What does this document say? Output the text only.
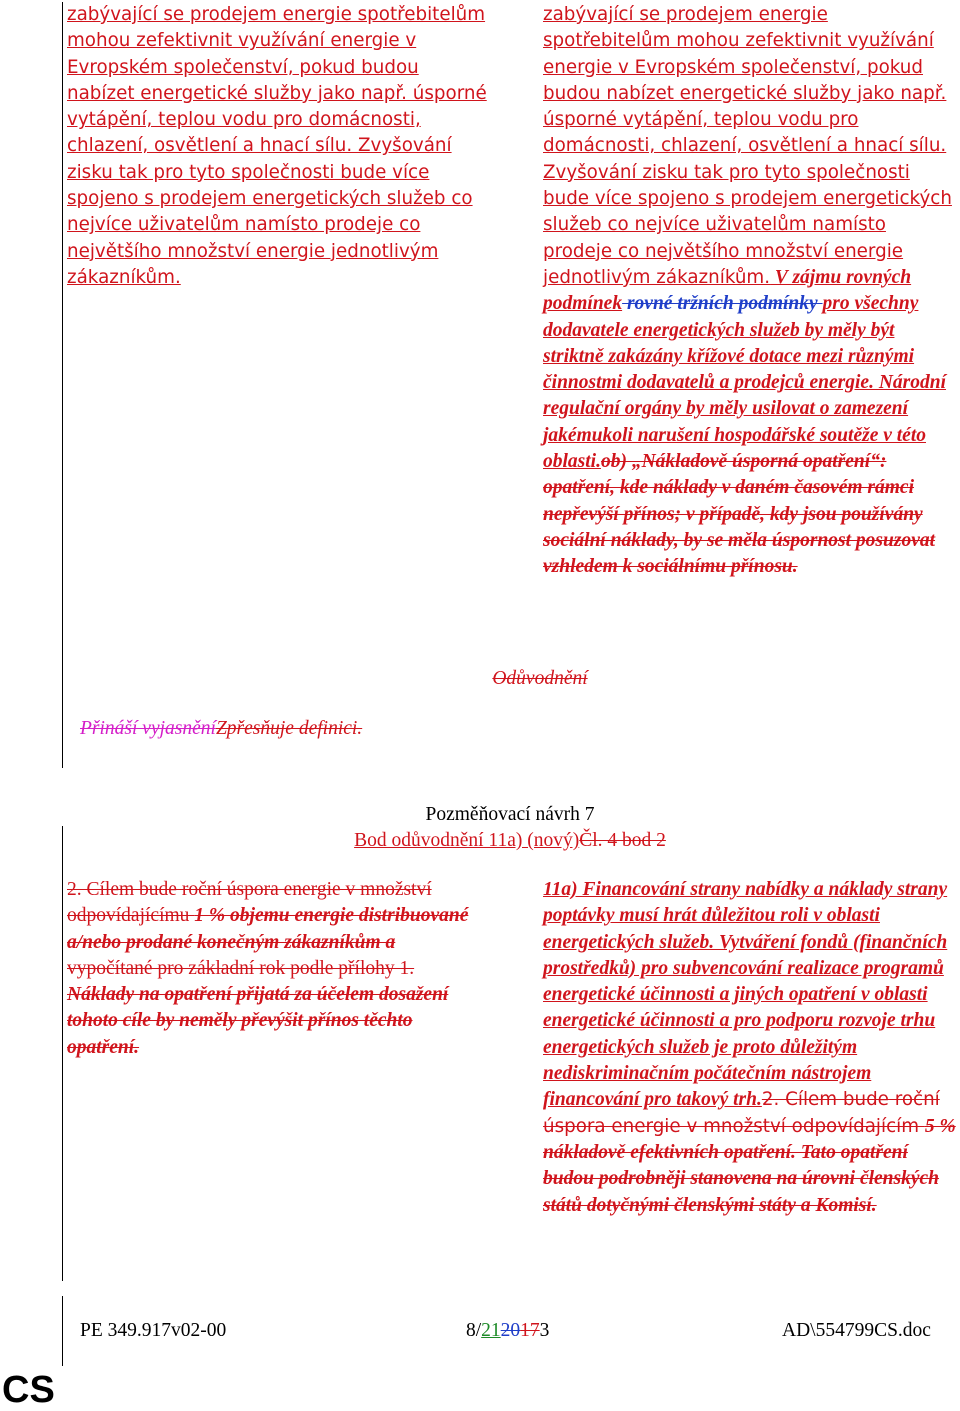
zabývající se prodejem energie spotřebitelům mohou zefektivnit využívání energie v Evropském společenství, pokud budou nabízet energetické služby jako např. úsporné vytápění, teplou vodu pro domácnosti, chlazení, osvětlení a hnací sílu. Zvyšování zisku tak pro tyto společnosti bude více spojeno s prodejem energetických služeb co nejvíce uživatelům namísto prodeje co největšího množství energie jednotlivým zákazníkům.

zabývající se prodejem energie spotřebitelům mohou zefektivnit využívání energie v Evropském společenství, pokud budou nabízet energetické služby jako např. úsporné vytápění, teplou vodu pro domácnosti, chlazení, osvětlení a hnací sílu. Zvyšování zisku tak pro tyto společnosti bude více spojeno s prodejem energetických služeb co nejvíce uživatelům namísto prodeje co největšího množství energie jednotlivým zákazníkům. V zájmu rovných podmínek rovné tržních podmínky pro všechny dodavatele energetických služeb by měly být striktně zakázány křížové dotace mezi různými činnostmi dodavatelů a prodejců energie. Národní regulační orgány by měly usilovat o zamezení jakémukoli narušení hospodářské soutěže v této oblasti.ob) „Nákladově úsporná opatření“: opatření, kde náklady v daném časovém rámci nepřevýší přínos; v případě, kdy jsou používány sociální náklady, by se měla úspornost posuzovat vzhledem k sociálnímu přínosu.

Odůvodnění

Přináší vyjasněníZpřesňuje definici.

Pozměňovací návrh 7
Bod odůvodnění 11a) (nový)Čl. 4 bod 2

2. Cílem bude roční úspora energie v množství odpovídajícímu 1 % objemu energie distribuované a/nebo prodané konečným zákazníkům a vypočítané pro základní rok podle přílohy 1. Náklady na opatření přijatá za účelem dosažení tohoto cíle by neměly převýšit přínos těchto opatření.

11a) Financování strany nabídky a náklady strany poptávky musí hrát důležitou roli v oblasti energetických služeb. Vytváření fondů (finančních prostředků) pro subvencování realizace programů energetické účinnosti a jiných opatření v oblasti energetické účinnosti a pro podporu rozvoje trhu energetických služeb je proto důležitým nediskriminačním počátečním nástrojem financování pro takový trh.2. Cílem bude roční úspora energie v množství odpovídajícím 5 % nákladově efektivních opatření. Tato opatření budou podrobněji stanovena na úrovni členských států dotyčnými členskými státy a Komisí.

PE 349.917v02-00	8/2120173	AD\554799CS.doc
CS
